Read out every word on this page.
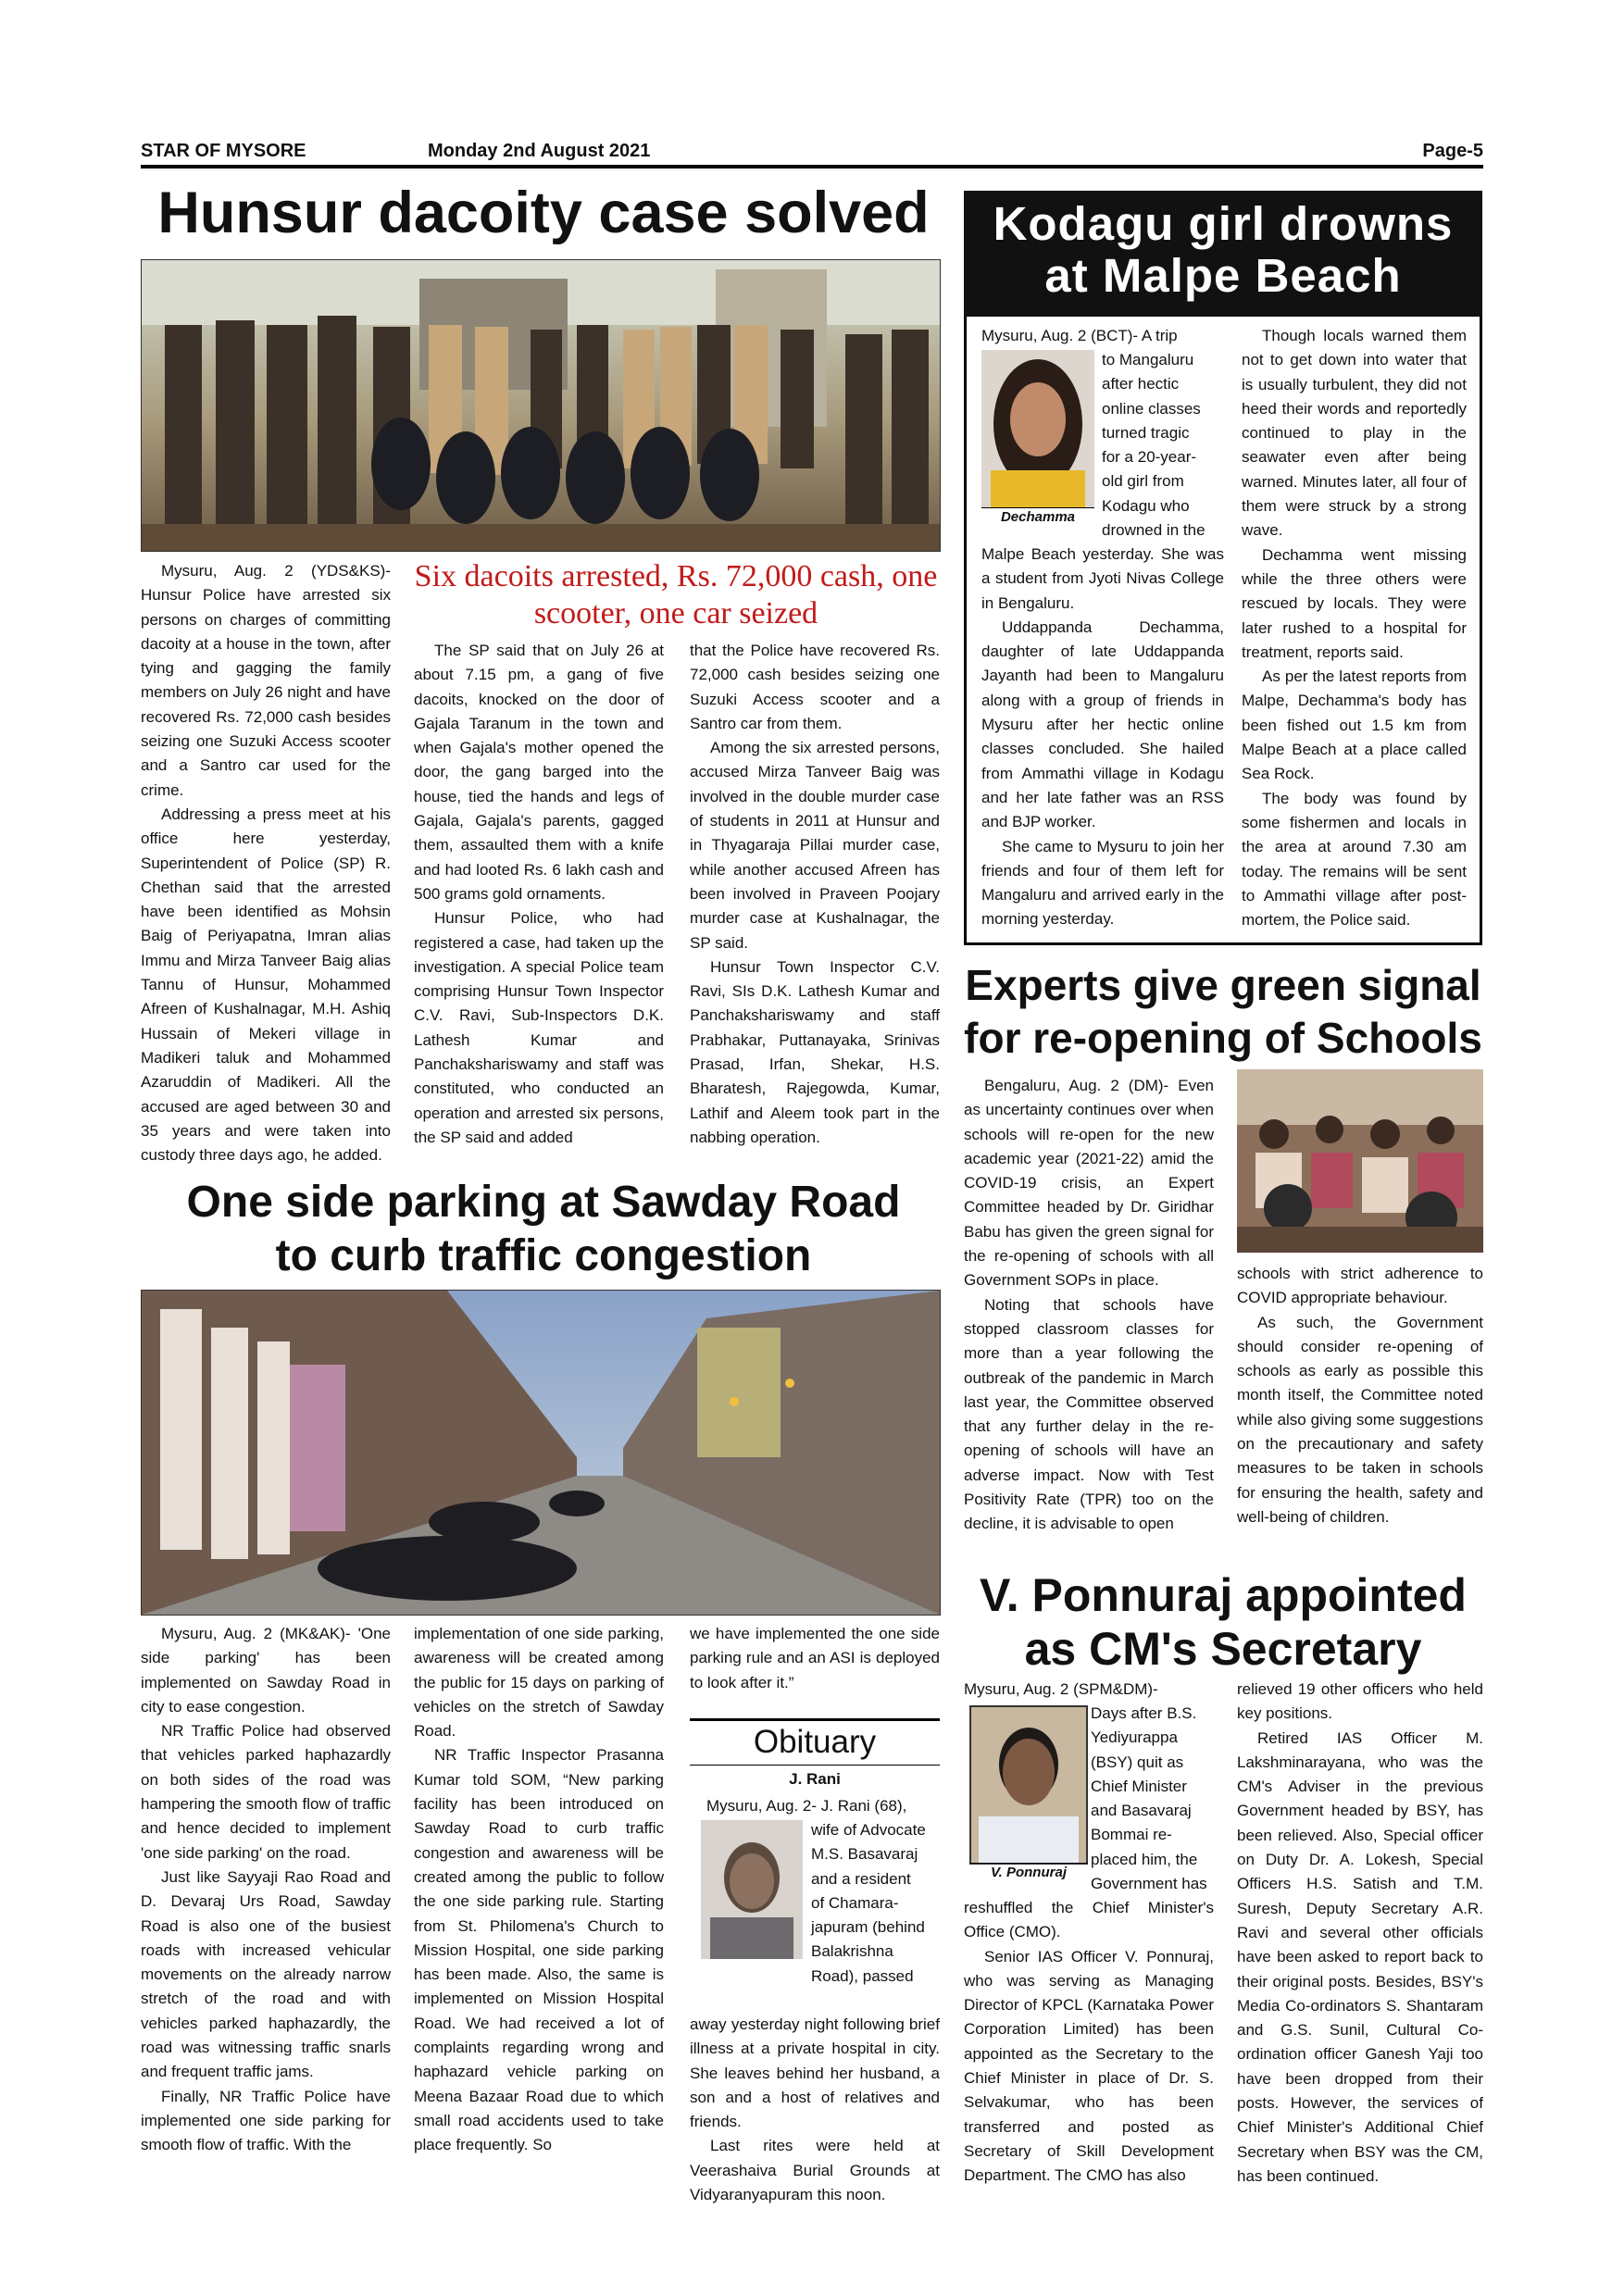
STAR OF MYSORE	Monday 2nd August 2021	Page-5
Hunsur dacoity case solved
Six dacoits arrested, Rs. 72,000 cash, one scooter, one car seized

Mysuru, Aug. 2 (YDS&KS)- Hunsur Police have arrested six persons on charges of committing dacoity at a house in the town, after tying and gagging the family members on July 26 night and have recovered Rs. 72,000 cash besides seizing one Suzuki Access scooter and a Santro car used for the crime.

Addressing a press meet at his office here yesterday, Superintendent of Police (SP) R. Chethan said that the arrested have been identified as Mohsin Baig of Periyapatna, Imran alias Immu and Mirza Tanveer Baig alias Tannu of Hunsur, Mohammed Afreen of Kushalnagar, M.H. Ashiq Hussain of Mekeri village in Madikeri taluk and Mohammed Azaruddin of Madikeri. All the accused are aged between 30 and 35 years and were taken into custody three days ago, he added.

The SP said that on July 26 at about 7.15 pm, a gang of five dacoits, knocked on the door of Gajala Taranum in the town and when Gajala's mother opened the door, the gang barged into the house, tied the hands and legs of Gajala, Gajala's parents, gagged them, assaulted them with a knife and had looted Rs. 6 lakh cash and 500 grams gold ornaments.

Hunsur Police, who had registered a case, had taken up the investigation. A special Police team comprising Hunsur Town Inspector C.V. Ravi, Sub-Inspectors D.K. Lathesh Kumar and Panchakshariswamy and staff was constituted, who conducted an operation and arrested six persons, the SP said and added

that the Police have recovered Rs. 72,000 cash besides seizing one Suzuki Access scooter and a Santro car from them.

Among the six arrested persons, accused Mirza Tanveer Baig was involved in the double murder case of students in 2011 at Hunsur and in Thyagaraja Pillai murder case, while another accused Afreen has been involved in Praveen Poojary murder case at Kushalnagar, the SP said.

Hunsur Town Inspector C.V. Ravi, SIs D.K. Lathesh Kumar and Panchakshariswamy and staff Prabhakar, Puttanayaka, Srinivas Prasad, Irfan, Shekar, H.S. Bharatesh, Rajegowda, Kumar, Lathif and Aleem took part in the nabbing operation.

Kodagu girl drowns
at Malpe Beach
Dechamma

Mysuru, Aug. 2 (BCT)- A trip

to Mangaluru
after hectic
online classes
turned tragic
for a 20-year-
old girl from
Kodagu who
drowned in the

Malpe Beach yesterday. She was a student from Jyoti Nivas College in Bengaluru.

Uddappanda Dechamma, daughter of late Uddappanda Jayanth had been to Mangaluru along with a group of friends in Mysuru after her hectic online classes concluded. She hailed from Ammathi village in Kodagu and her late father was an RSS and BJP worker.

She came to Mysuru to join her friends and four of them left for Mangaluru and arrived early in the morning yesterday.

Though locals warned them not to get down into water that is usually turbulent, they did not heed their words and reportedly continued to play in the seawater even after being warned. Minutes later, all four of them were struck by a strong wave.

Dechamma went missing while the three others were rescued by locals. They were later rushed to a hospital for treatment, reports said.

As per the latest reports from Malpe, Dechamma's body has been fished out 1.5 km from Malpe Beach at a place called Sea Rock.

The body was found by some fishermen and locals in the area at around 7.30 am today. The remains will be sent to Ammathi village after post-mortem, the Police said.

Experts give green signal
for re-opening of Schools

Bengaluru, Aug. 2 (DM)- Even as uncertainty continues over when schools will re-open for the new academic year (2021-22) amid the COVID-19 crisis, an Expert Committee headed by Dr. Giridhar Babu has given the green signal for the re-opening of schools with all Government SOPs in place.

Noting that schools have stopped classroom classes for more than a year following the outbreak of the pandemic in March last year, the Committee observed that any further delay in the re-opening of schools will have an adverse impact. Now with Test Positivity Rate (TPR) too on the decline, it is advisable to open

schools with strict adherence to COVID appropriate behaviour.

As such, the Government should consider re-opening of schools as early as possible this month itself, the Committee noted while also giving some suggestions on the precautionary and safety measures to be taken in schools for ensuring the health, safety and well-being of children.

One side parking at Sawday Road
to curb traffic congestion

Mysuru, Aug. 2 (MK&AK)- 'One side parking' has been implemented on Sawday Road in city to ease congestion.

NR Traffic Police had observed that vehicles parked haphazardly on both sides of the road was hampering the smooth flow of traffic and hence decided to implement 'one side parking' on the road.

Just like Sayyaji Rao Road and D. Devaraj Urs Road, Sawday Road is also one of the busiest roads with increased vehicular movements on the already narrow stretch of the road and with vehicles parked haphazardly, the road was witnessing traffic snarls and frequent traffic jams.

Finally, NR Traffic Police have implemented one side parking for smooth flow of traffic. With the

implementation of one side parking, awareness will be created among the public for 15 days on parking of vehicles on the stretch of Sawday Road.

NR Traffic Inspector Prasanna Kumar told SOM, “New parking facility has been introduced on Sawday Road to curb traffic congestion and awareness will be created among the public to follow the one side parking rule. Starting from St. Philomena's Church to Mission Hospital, one side parking has been made. Also, the same is implemented on Mission Hospital Road. We had received a lot of complaints regarding wrong and haphazard vehicle parking on Meena Bazaar Road due to which small road accidents used to take place frequently. So

we have implemented the one side parking rule and an ASI is deployed to look after it.”

Obituary
J. Rani
Mysuru, Aug. 2- J. Rani (68),
wife of Advocate
M.S. Basavaraj
and a resident
of Chamara-
japuram (behind
Balakrishna
Road), passed

away yesterday night following brief illness at a private hospital in city. She leaves behind her husband, a son and a host of relatives and friends.

Last rites were held at Veerashaiva Burial Grounds at Vidyaranyapuram this noon.

V. Ponnuraj appointed
as CM's Secretary

Mysuru, Aug. 2 (SPM&DM)-

V. Ponnuraj
Days after B.S.
Yediyurappa
(BSY) quit as
Chief Minister
and Basavaraj
Bommai re-
placed him, the
Government has

reshuffled the Chief Minister's Office (CMO).

Senior IAS Officer V. Ponnuraj, who was serving as Managing Director of KPCL (Karnataka Power Corporation Limited) has been appointed as the Secretary to the Chief Minister in place of Dr. S. Selvakumar, who has been transferred and posted as Secretary of Skill Development Department. The CMO has also

relieved 19 other officers who held key positions.

Retired IAS Officer M. Lakshminarayana, who was the CM's Adviser in the previous Government headed by BSY, has been relieved. Also, Special officer on Duty Dr. A. Lokesh, Special Officers H.S. Satish and T.M. Suresh, Deputy Secretary A.R. Ravi and several other officials have been asked to report back to their original posts. Besides, BSY's Media Co-ordinators S. Shantaram and G.S. Sunil, Cultural Co-ordination officer Ganesh Yaji too have been dropped from their posts. However, the services of Chief Minister's Additional Chief Secretary when BSY was the CM, has been continued.
